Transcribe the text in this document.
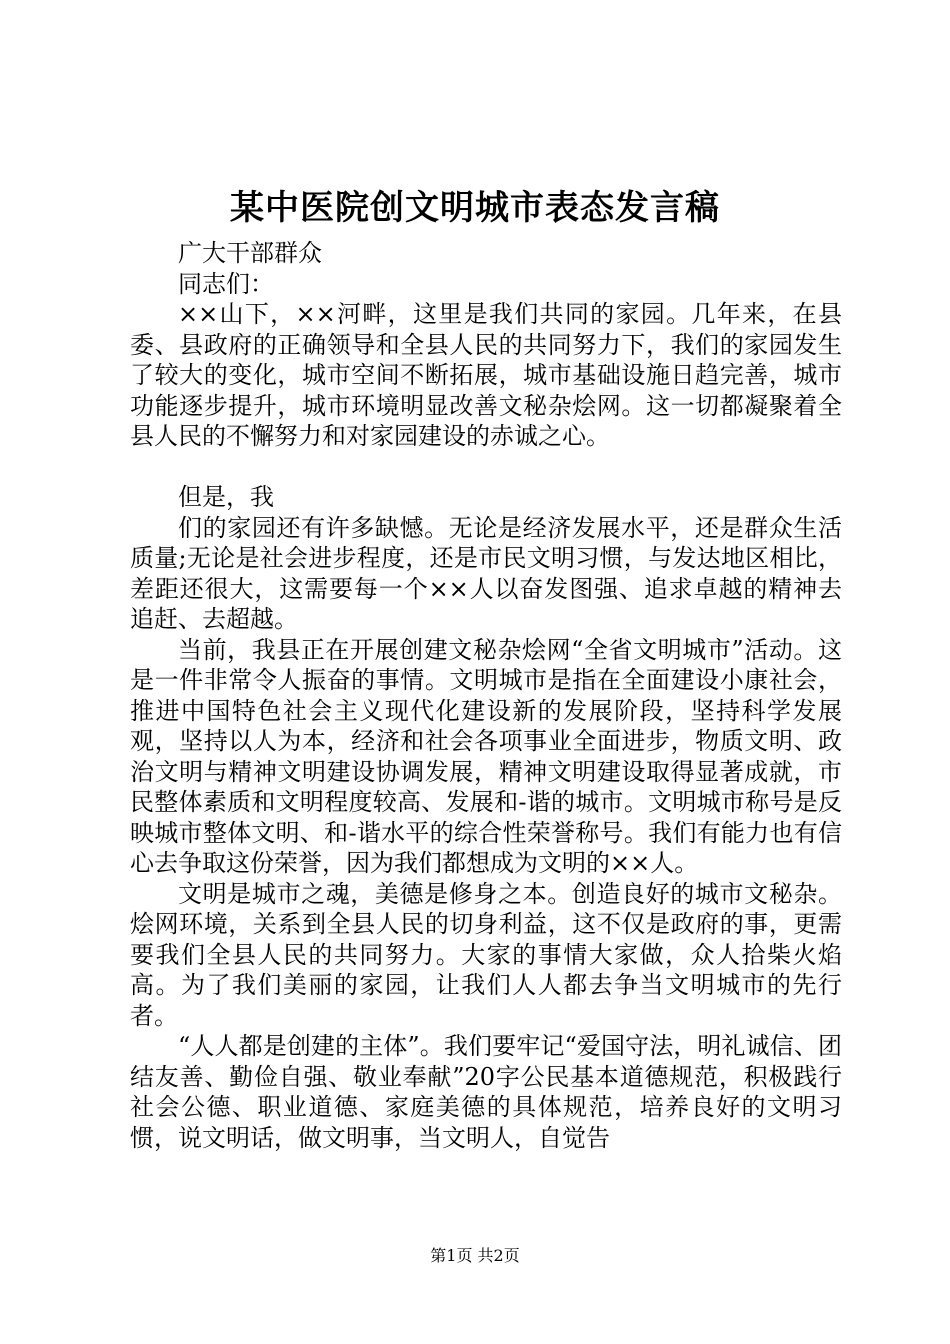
某中医院创文明城市表态发言稿

广大干部群众

同志们：

××山下，××河畔，这里是我们共同的家园。几年来，在县委、县政府的正确领导和全县人民的共同努力下，我们的家园发生了较大的变化，城市空间不断拓展，城市基础设施日趋完善，城市功能逐步提升，城市环境明显改善文秘杂烩网。这一切都凝聚着全县人民的不懈努力和对家园建设的赤诚之心。

但是，我

们的家园还有许多缺憾。无论是经济发展水平，还是群众生活质量;无论是社会进步程度，还是市民文明习惯，与发达地区相比，差距还很大，这需要每一个××人以奋发图强、追求卓越的精神去追赶、去超越。

当前，我县正在开展创建文秘杂烩网“全省文明城市”活动。这是一件非常令人振奋的事情。文明城市是指在全面建设小康社会，推进中国特色社会主义现代化建设新的发展阶段，坚持科学发展观，坚持以人为本，经济和社会各项事业全面进步，物质文明、政治文明与精神文明建设协调发展，精神文明建设取得显著成就，市民整体素质和文明程度较高、发展和-谐的城市。文明城市称号是反映城市整体文明、和-谐水平的综合性荣誉称号。我们有能力也有信心去争取这份荣誉，因为我们都想成为文明的××人。

文明是城市之魂，美德是修身之本。创造良好的城市文秘杂。烩网环境，关系到全县人民的切身利益，这不仅是政府的事，更需要我们全县人民的共同努力。大家的事情大家做，众人拾柴火焰高。为了我们美丽的家园，让我们人人都去争当文明城市的先行者。

“人人都是创建的主体”。我们要牢记“爱国守法，明礼诚信、团结友善、勤俭自强、敬业奉献”20字公民基本道德规范，积极践行社会公德、职业道德、家庭美德的具体规范，培养良好的文明习惯，说文明话，做文明事，当文明人，自觉告

第1页 共2页
